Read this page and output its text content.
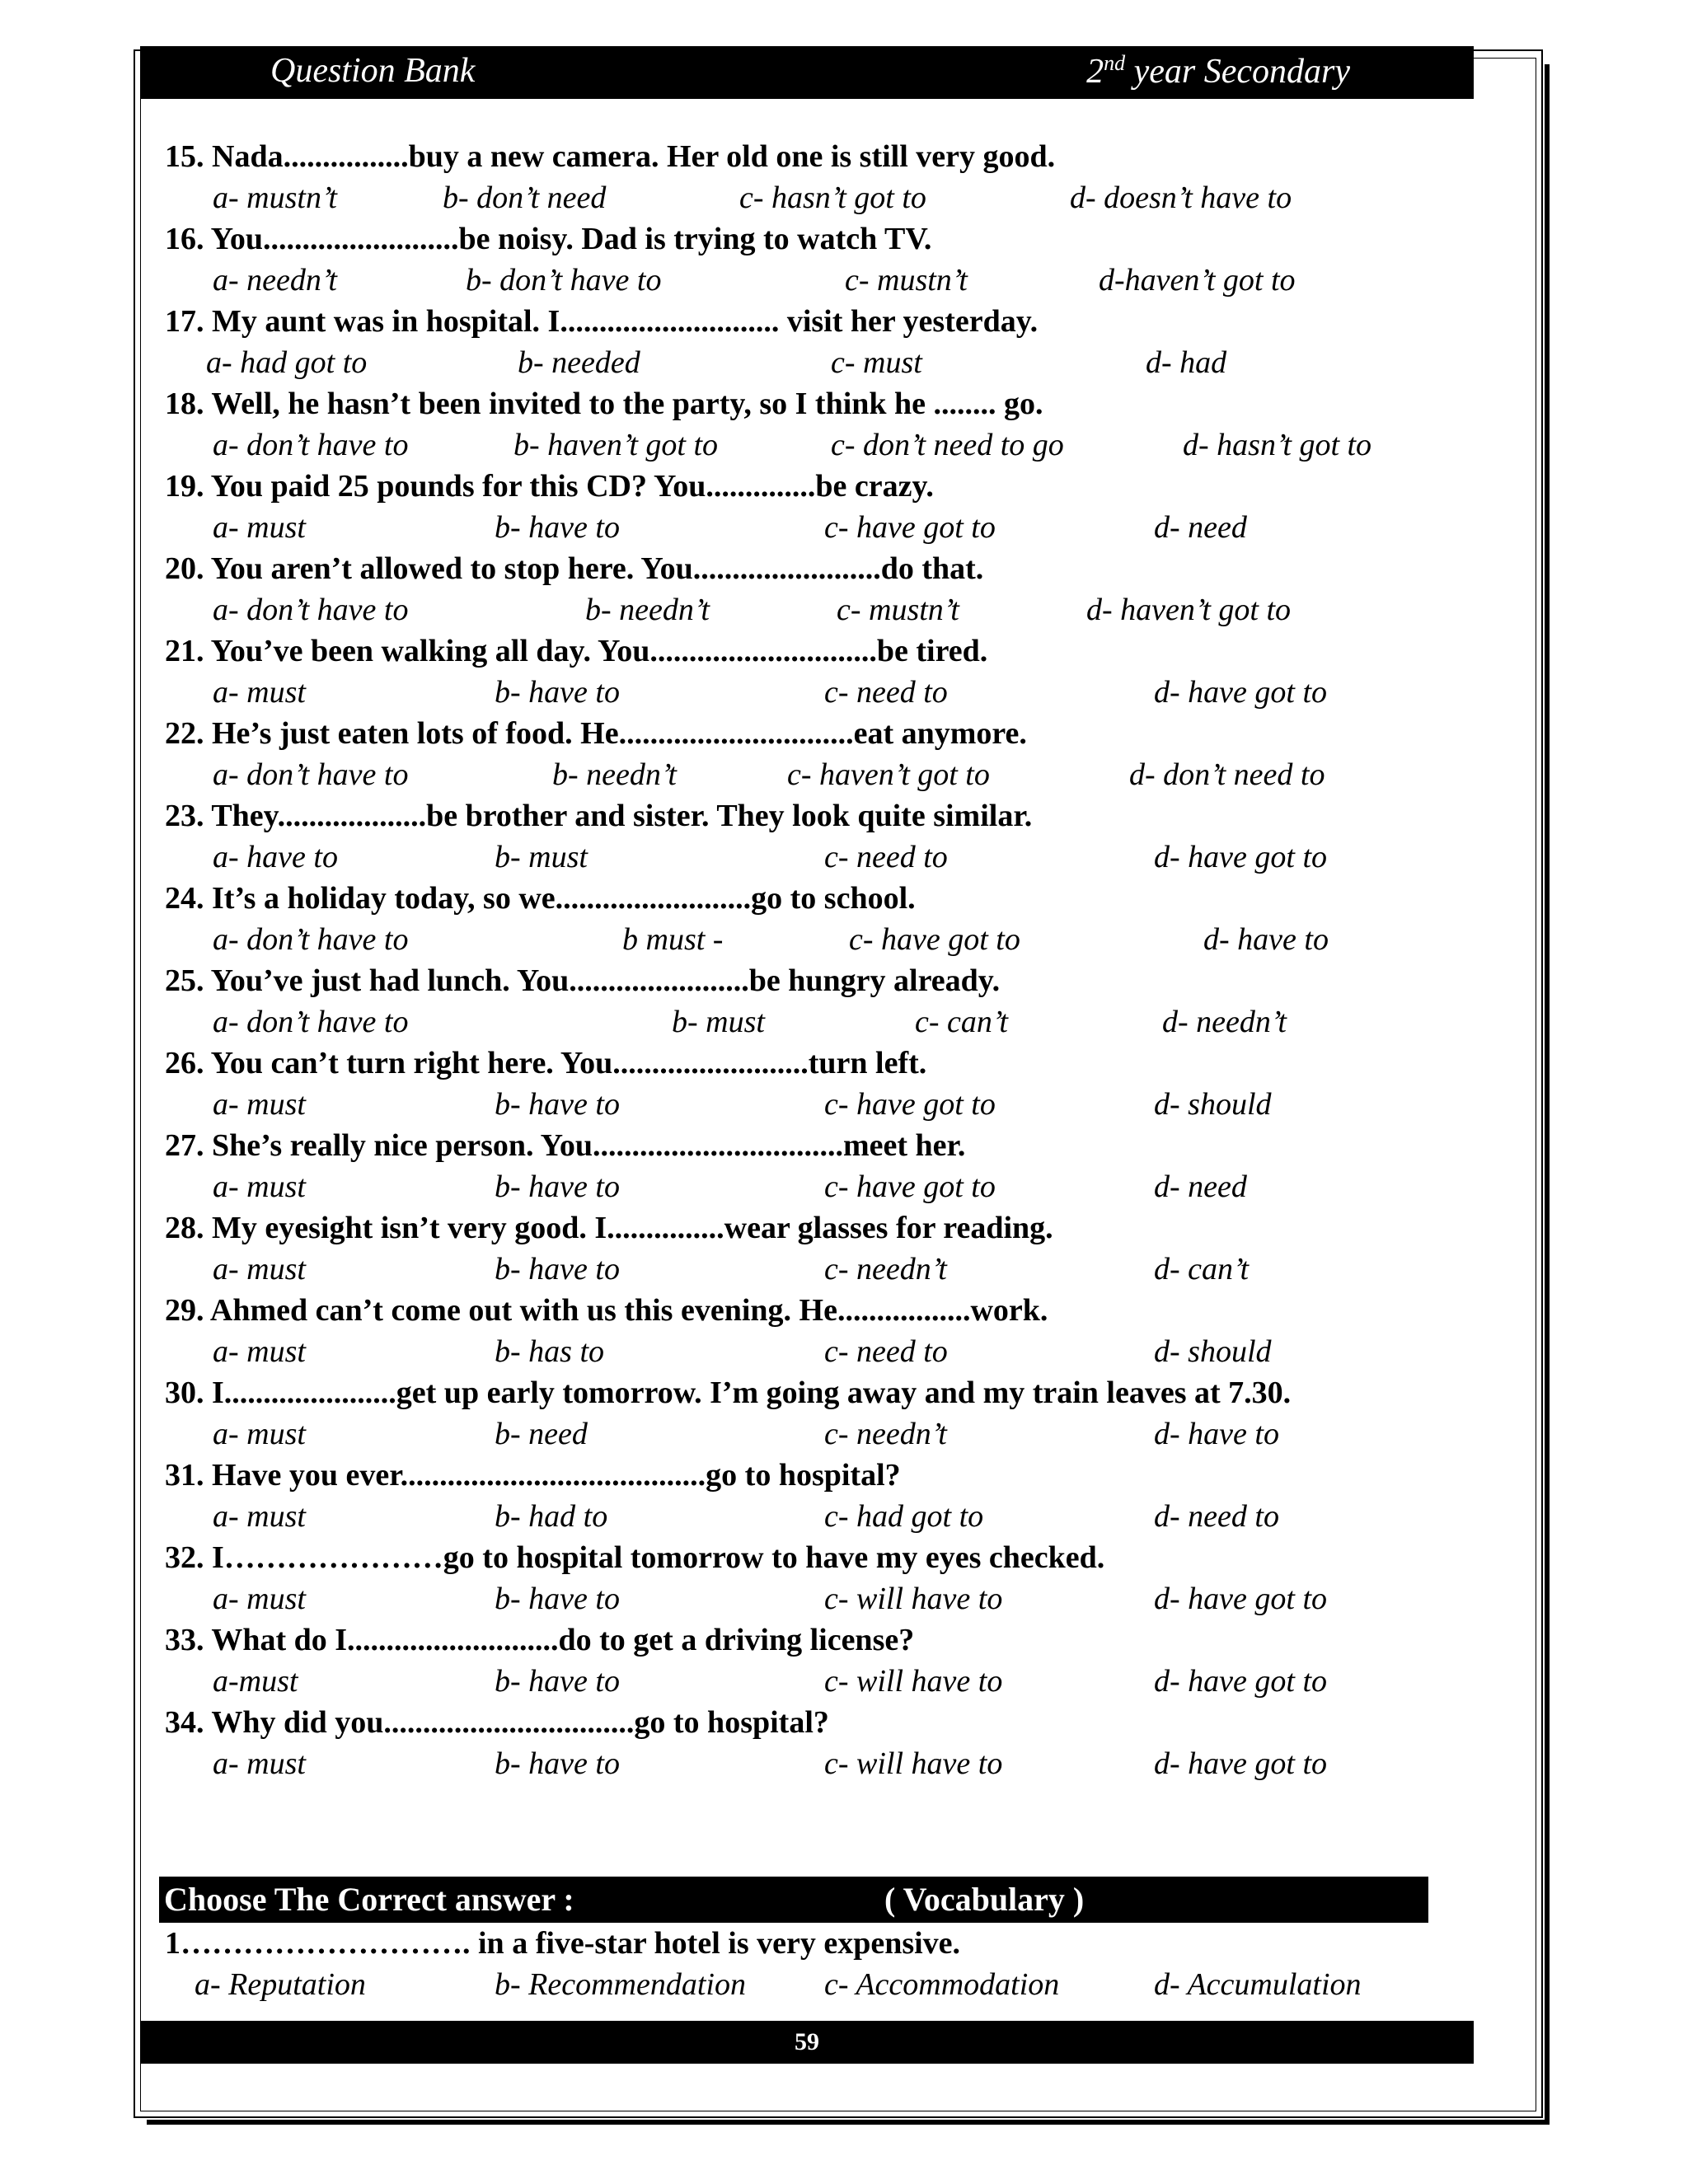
Question Bank	2nd year Secondary

15. Nada................buy a new camera. Her old one is still very good.

a- mustn’t	b- don’t need	c- hasn’t got to	d- doesn’t have to

16. You.........................be noisy. Dad is trying to watch TV.

a- needn’t	b- don’t have to	c- mustn’t	d-haven’t got to

17. My aunt was in hospital. I............................ visit her yesterday.

a- had got to	b- needed	c- must	d- had

18. Well, he hasn’t been invited to the party, so I think he ........ go.

a- don’t have to	b- haven’t got to	c- don’t need to go	d- hasn’t got to

19. You paid 25 pounds for this CD? You..............be crazy.

a- must	b- have to	c- have got to	d- need

20. You aren’t allowed to stop here. You........................do that.

a- don’t have to	b- needn’t	c- mustn’t	d- haven’t got to

21. You’ve been walking all day. You.............................be tired.

a- must	b- have to	c- need to	d- have got to

22. He’s just eaten lots of food. He..............................eat anymore.

a- don’t have to	b- needn’t	c- haven’t got to	d- don’t need to

23. They...................be brother and sister. They look quite similar.

a- have to	b- must	c- need to	d- have got to

24. It’s a holiday today, so we.........................go to school.

a- don’t have to	b must -	c- have got to	d- have to

25. You’ve just had lunch. You.......................be hungry already.

a- don’t have to	b- must	c- can’t	d- needn’t

26. You can’t turn right here. You.........................turn left.

a- must	b- have to	c- have got to	d- should

27. She’s really nice person. You................................meet her.

a- must	b- have to	c- have got to	d- need

28. My eyesight isn’t very good. I...............wear glasses for reading.

a- must	b- have to	c- needn’t	d- can’t

29. Ahmed can’t come out with us this evening. He.................work.

a- must	b- has to	c- need to	d- should

30. I......................get up early tomorrow. I’m going away and my train leaves at 7.30.

a- must	b- need	c- needn’t	d- have to

31. Have you ever.......................................go to hospital?

a- must	b- had to	c- had got to	d- need to

32. I…………………go to hospital tomorrow to have my eyes checked.

a- must	b- have to	c- will have to	d- have got to

33. What do I...........................do to get a driving license?

a-must	b- have to	c- will have to	d- have got to

34. Why did you................................go to hospital?

a- must	b- have to	c- will have to	d- have got to
Choose The Correct answer :	( Vocabulary )

1………………………. in a five-star hotel is very expensive.

a- Reputation	b- Recommendation	c- Accommodation	d- Accumulation
59
